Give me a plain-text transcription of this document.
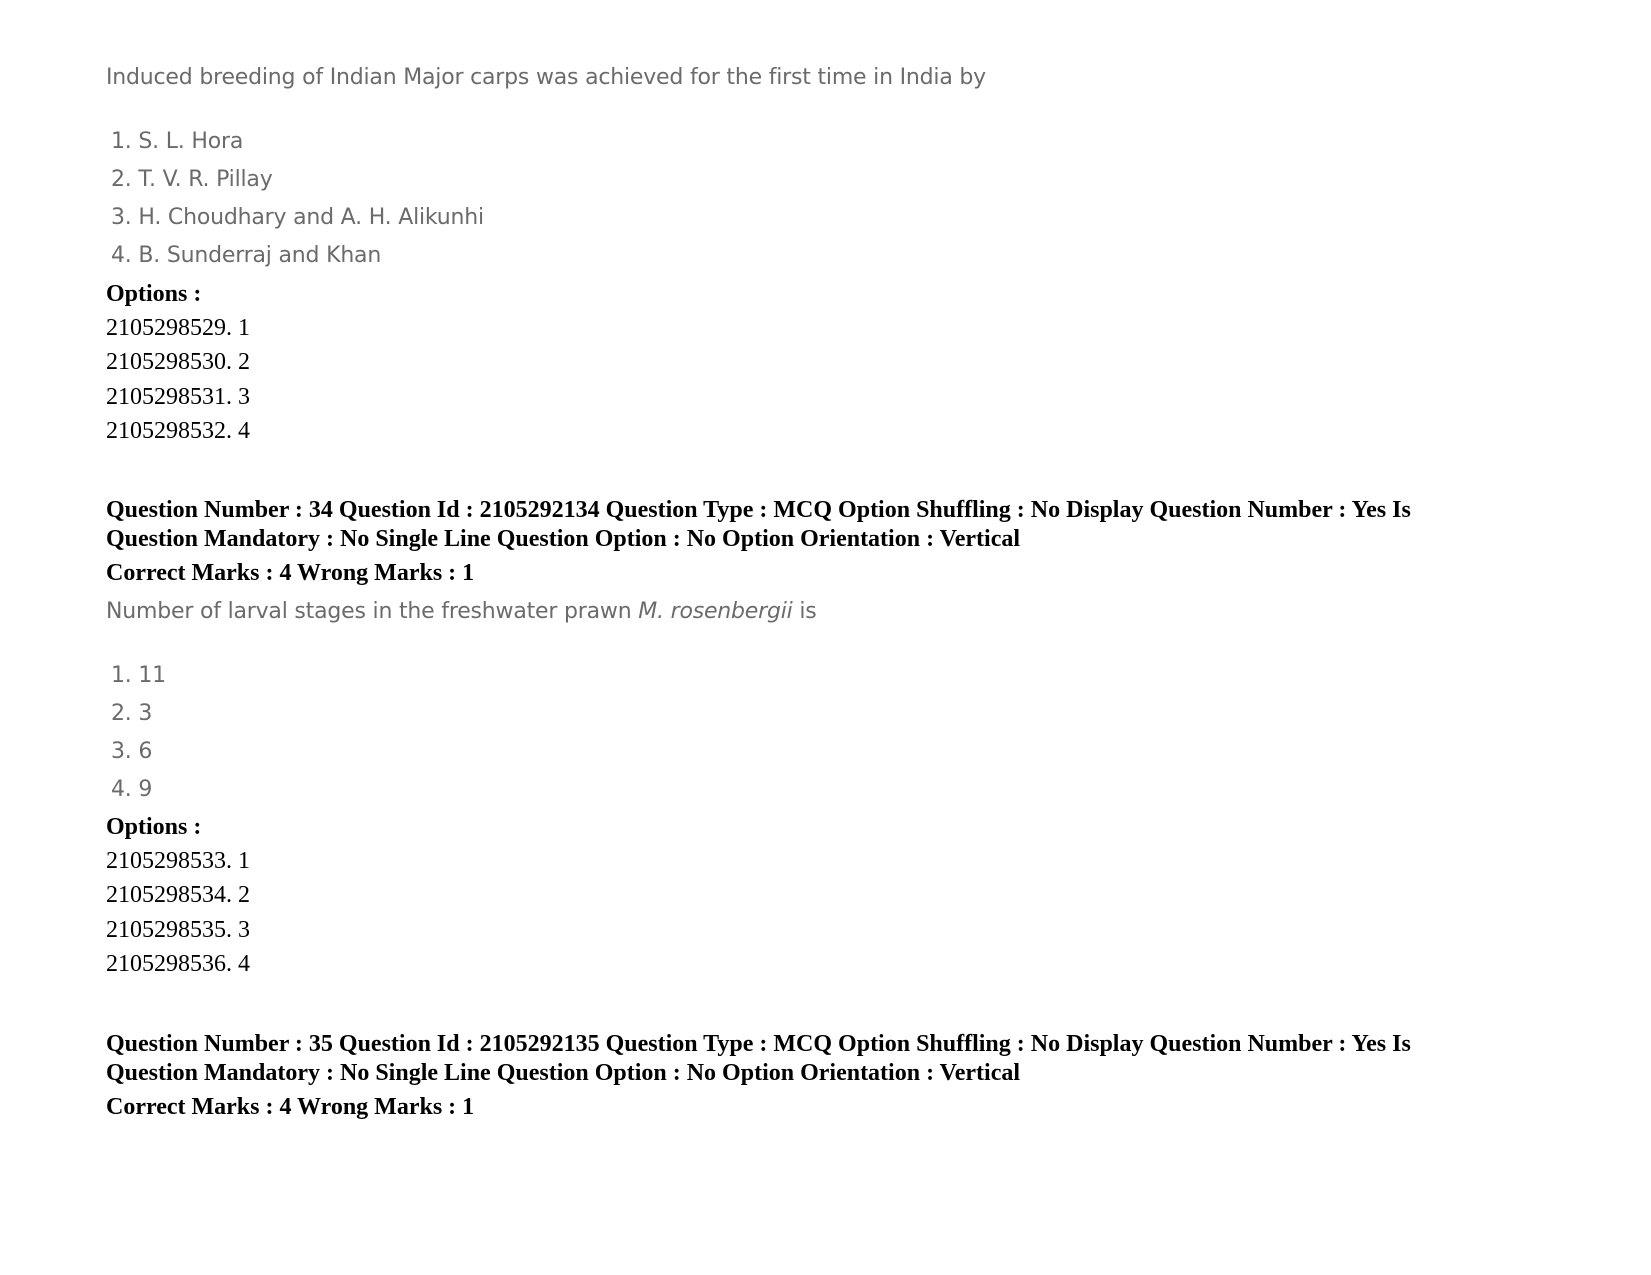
Induced breeding of Indian Major carps was achieved for the first time in India by
1. S. L. Hora
2. T. V. R. Pillay
3. H. Choudhary and A. H. Alikunhi
4. B. Sunderraj and Khan
Options :
2105298529. 1
2105298530. 2
2105298531. 3
2105298532. 4
Question Number : 34 Question Id : 2105292134 Question Type : MCQ Option Shuffling : No Display Question Number : Yes Is
Question Mandatory : No Single Line Question Option : No Option Orientation : Vertical
Correct Marks : 4 Wrong Marks : 1
Number of larval stages in the freshwater prawn M. rosenbergii is
1. 11
2. 3
3. 6
4. 9
Options :
2105298533. 1
2105298534. 2
2105298535. 3
2105298536. 4
Question Number : 35 Question Id : 2105292135 Question Type : MCQ Option Shuffling : No Display Question Number : Yes Is
Question Mandatory : No Single Line Question Option : No Option Orientation : Vertical
Correct Marks : 4 Wrong Marks : 1
